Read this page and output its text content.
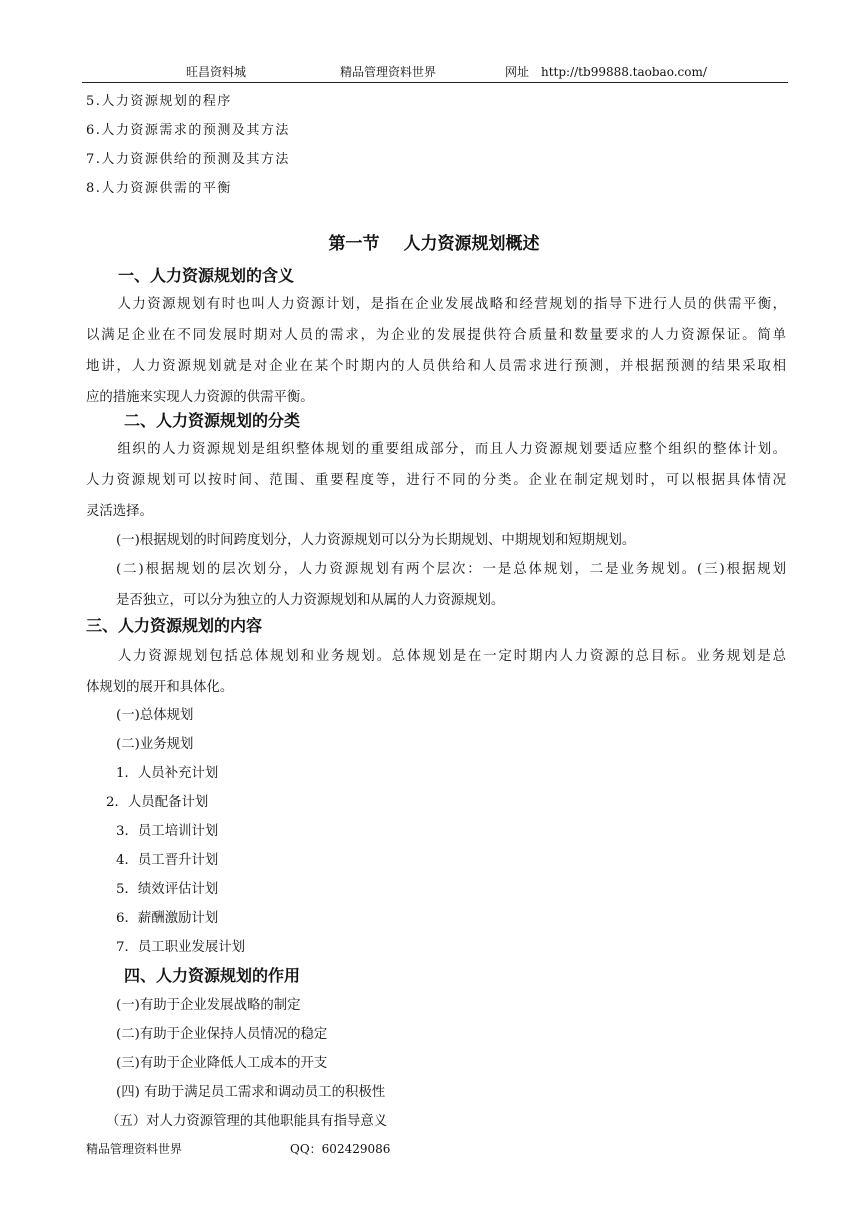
旺昌资料城	精品管理资料世界	网址 http://tb99888.taobao.com/
5.人力资源规划的程序
6.人力资源需求的预测及其方法
7.人力资源供给的预测及其方法
8.人力资源供需的平衡
第一节 人力资源规划概述
一、人力资源规划的含义
人力资源规划有时也叫人力资源计划，是指在企业发展战略和经营规划的指导下进行人员的供需平衡，
以满足企业在不同发展时期对人员的需求，为企业的发展提供符合质量和数量要求的人力资源保证。简单
地讲，人力资源规划就是对企业在某个时期内的人员供给和人员需求进行预测，并根据预测的结果采取相
应的措施来实现人力资源的供需平衡。
二、人力资源规划的分类
组织的人力资源规划是组织整体规划的重要组成部分，而且人力资源规划要适应整个组织的整体计划。
人力资源规划可以按时间、范围、重要程度等，进行不同的分类。企业在制定规划时，可以根据具体情况
灵活选择。
(一)根据规划的时间跨度划分，人力资源规划可以分为长期规划、中期规划和短期规划。
(二)根据规划的层次划分，人力资源规划有两个层次：一是总体规划，二是业务规划。(三)根据规划
是否独立，可以分为独立的人力资源规划和从属的人力资源规划。
三、人力资源规划的内容
人力资源规划包括总体规划和业务规划。总体规划是在一定时期内人力资源的总目标。业务规划是总
体规划的展开和具体化。
(一)总体规划
(二)业务规划
1．人员补充计划
2．人员配备计划
3．员工培训计划
4．员工晋升计划
5．绩效评估计划
6．薪酬激励计划
7．员工职业发展计划
四、人力资源规划的作用
(一)有助于企业发展战略的制定
(二)有助于企业保持人员情况的稳定
(三)有助于企业降低人工成本的开支
(四) 有助于满足员工需求和调动员工的积极性
（五）对人力资源管理的其他职能具有指导意义
精品管理资料世界	QQ：602429086
